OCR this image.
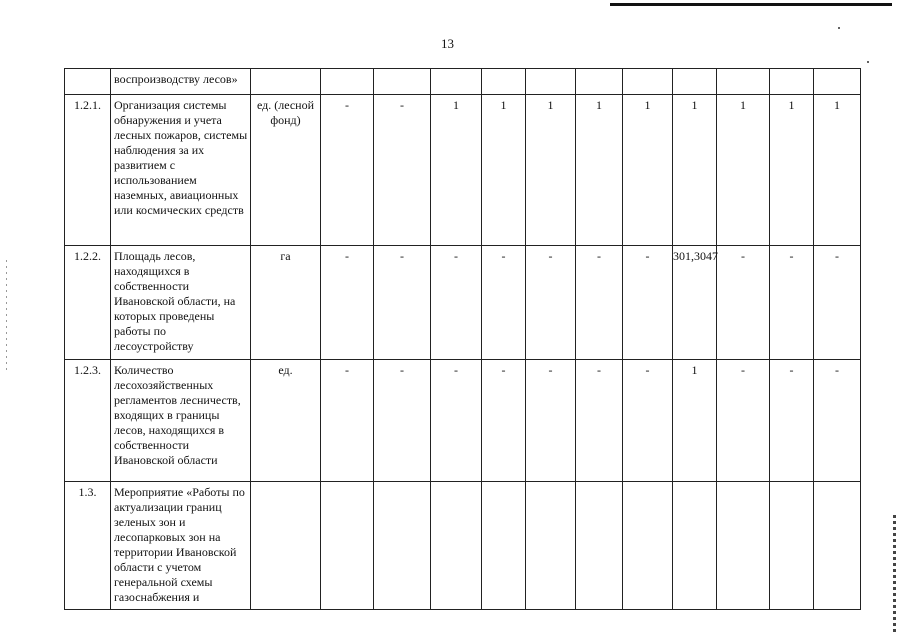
13
	воспроизводству лесов»												
1.2.1.	Организация системы обнаружения и учета лесных пожаров, системы наблюдения за их развитием с использованием наземных, авиационных или космических средств	ед. (лесной фонд)	-	-	1	1	1	1	1	1	1	1	1
1.2.2.	Площадь лесов, находящихся в собственности Ивановской области, на которых проведены работы по лесоустройству	га	-	-	-	-	-	-	-	301,3047	-	-	-
1.2.3.	Количество лесохозяйственных регламентов лесничеств, входящих в границы лесов, находящихся в собственности Ивановской области	ед.	-	-	-	-	-	-	-	1	-	-	-
1.3.	Мероприятие «Работы по актуализации границ зеленых зон и лесопарковых зон на территории Ивановской области с учетом генеральной схемы газоснабжения и												
